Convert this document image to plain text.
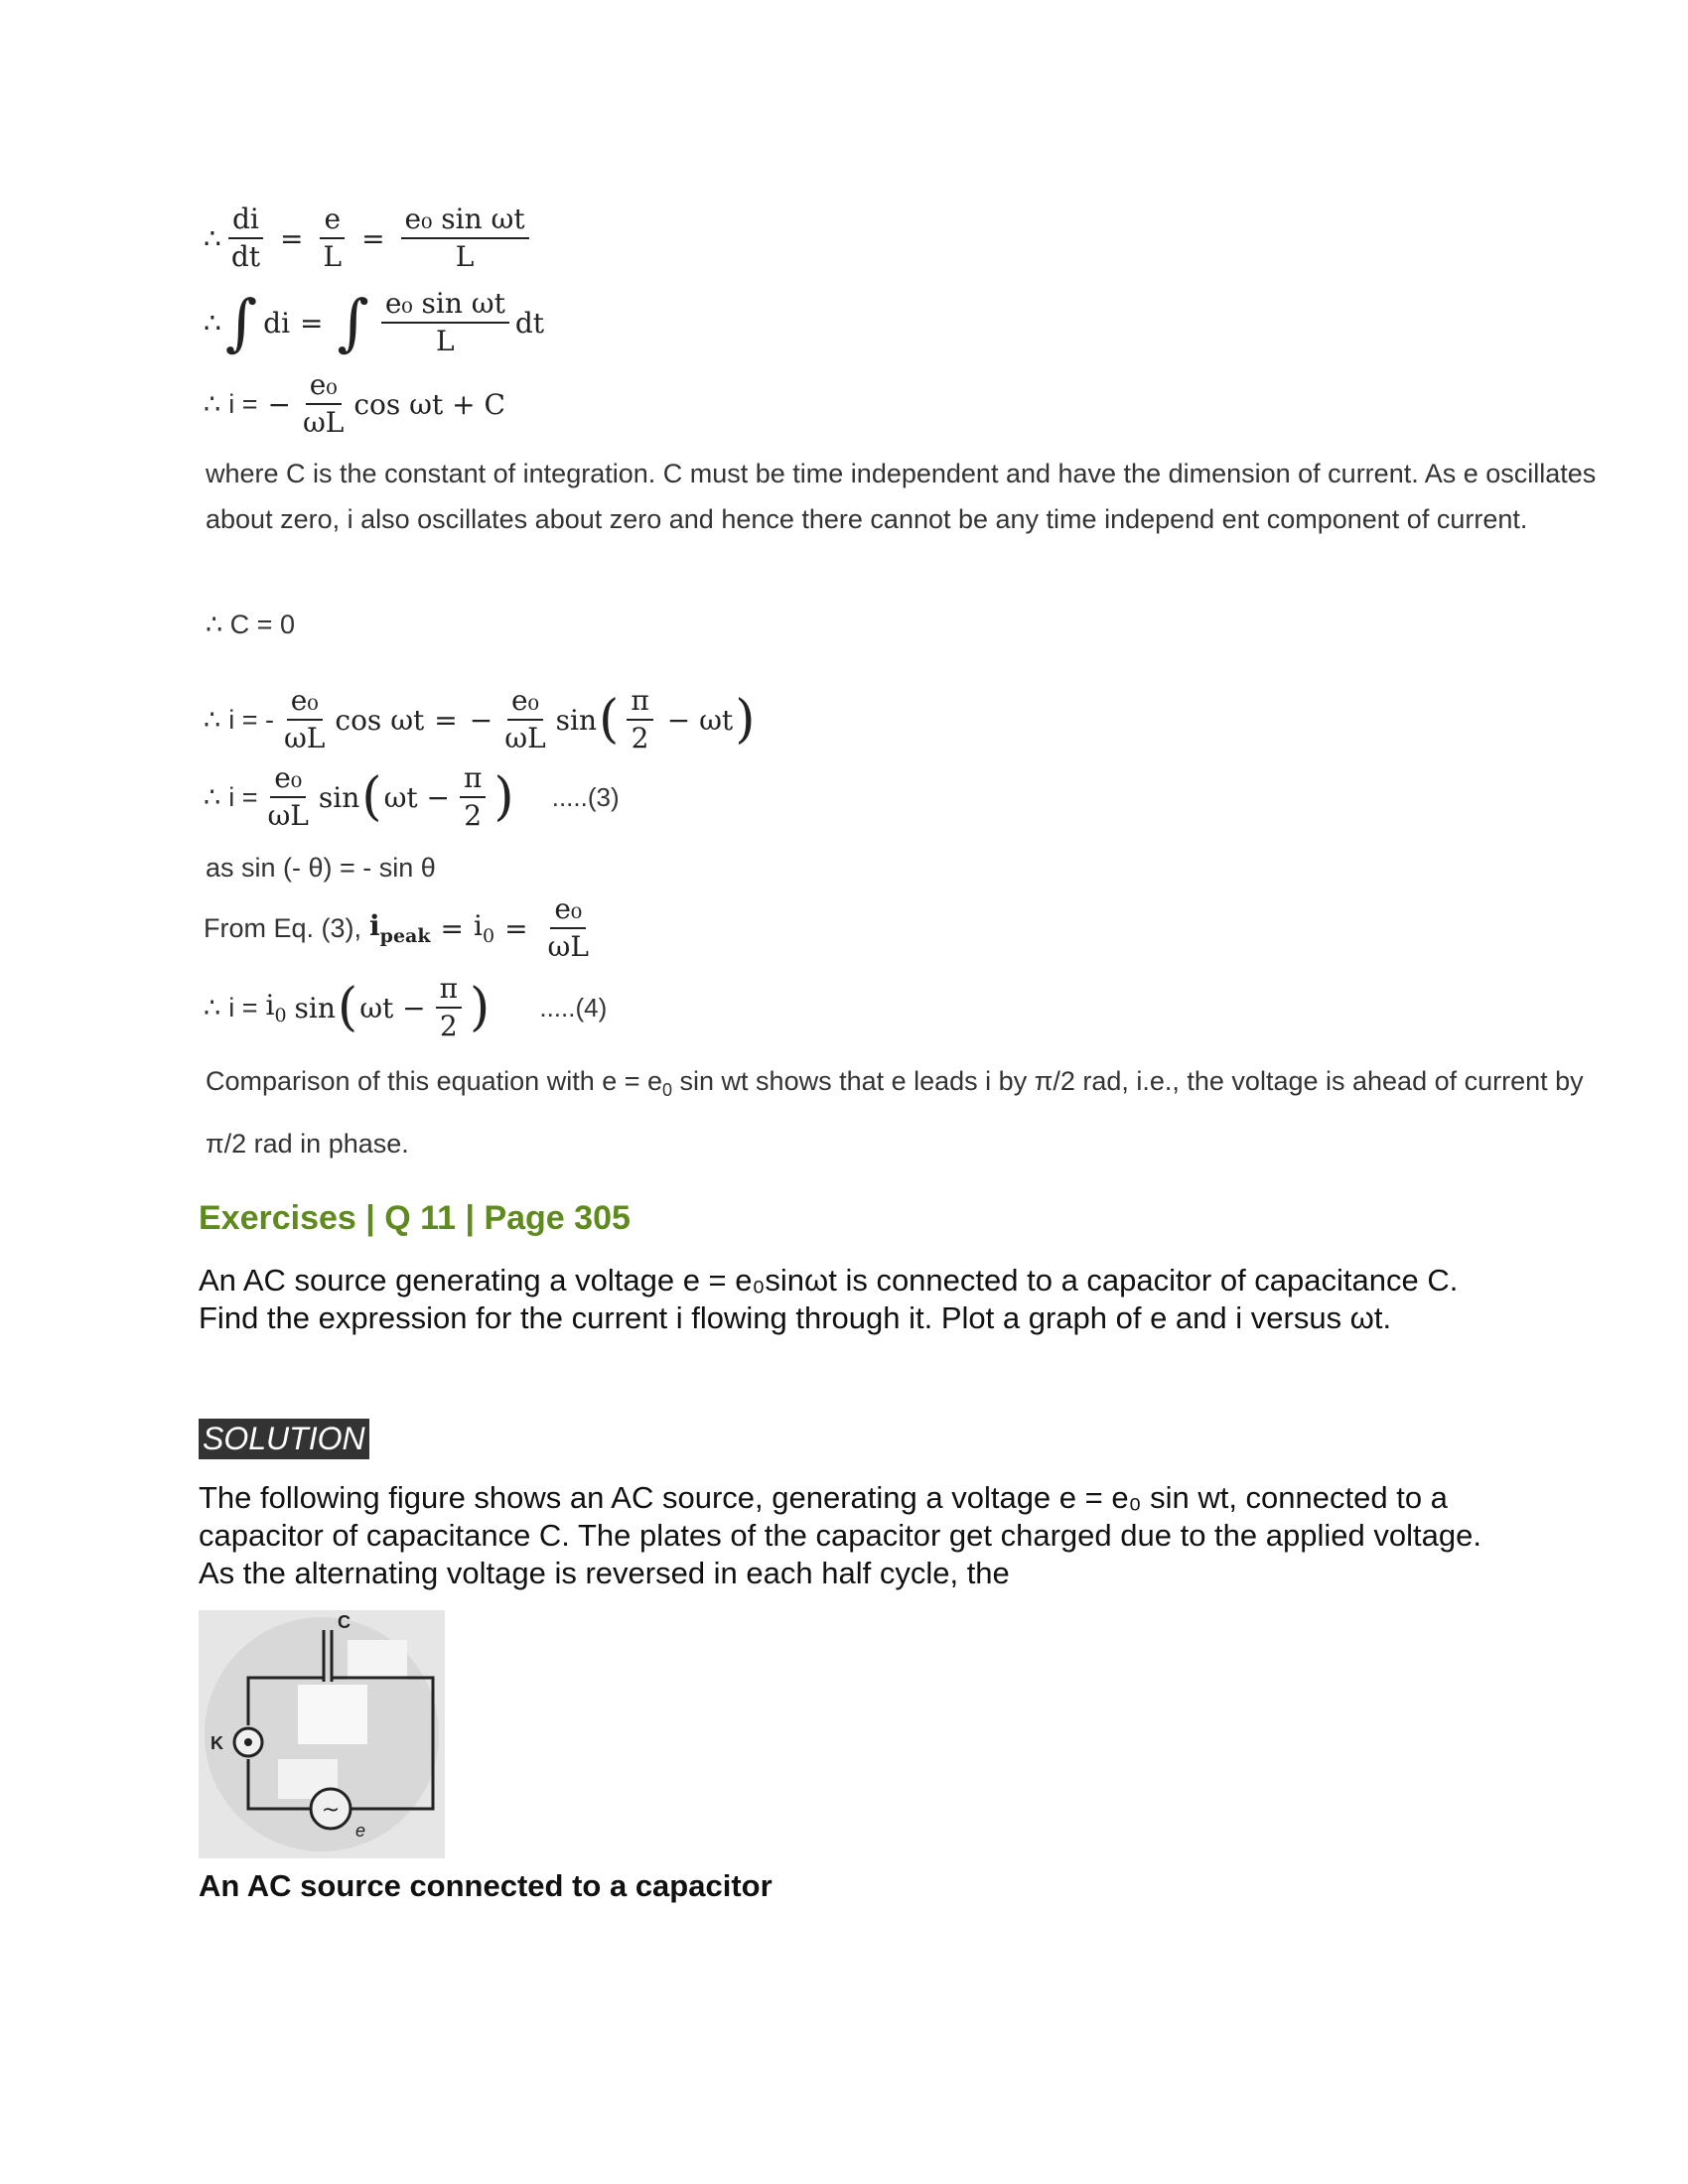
∴ $\frac{di}{dt} = \frac{e}{L} = \frac{\text{e₀ sin ωt}}{L}$
∴ ∫ di = ∫ $\frac{\text{e₀ sin ωt}}{L}$ dt
∴ i = − $\frac{\text{e₀}}{\omega L}$ cos ωt + C
where C is the constant of integration. C must be time independent and have the dimension of current. As e oscillates about zero, i also oscillates about zero and hence there cannot be any time independ ent component of current.
∴ C = 0
∴ i = - $\frac{\text{e₀}}{\omega L}$ cos ωt = − $\frac{\text{e₀}}{\omega L}$ sin ( $\frac{\pi}{2} - \omega t$ )
∴ $i = \frac{\text{e₀}}{\omega L}$ sin ( $\omega t - \frac{\pi}{2}$ ) .....(3)
as sin (- θ) = - sin θ
From Eq. (3), $i_{peak} = i_0 = \frac{\text{e₀}}{\omega L}$
∴ $i = i_0$ sin ( $\omega t - \frac{\pi}{2}$ ) .....(4)
Comparison of this equation with $e = e_0$ sin wt shows that e leads i by π/2 rad, i.e., the voltage is ahead of current by
π/2 rad in phase.
Exercises | Q 11 | Page 305
An AC source generating a voltage e = e₀sinωt is connected to a capacitor of capacitance C. Find the expression for the current i flowing through it. Plot a graph of e and i versus ωt.
SOLUTION
The following figure shows an AC source, generating a voltage e = e₀ sin wt, connected to a capacitor of capacitance C. The plates of the capacitor get charged due to the applied voltage. As the alternating voltage is reversed in each half cycle, the
~
C
K
e
An AC source connected to a capacitor
